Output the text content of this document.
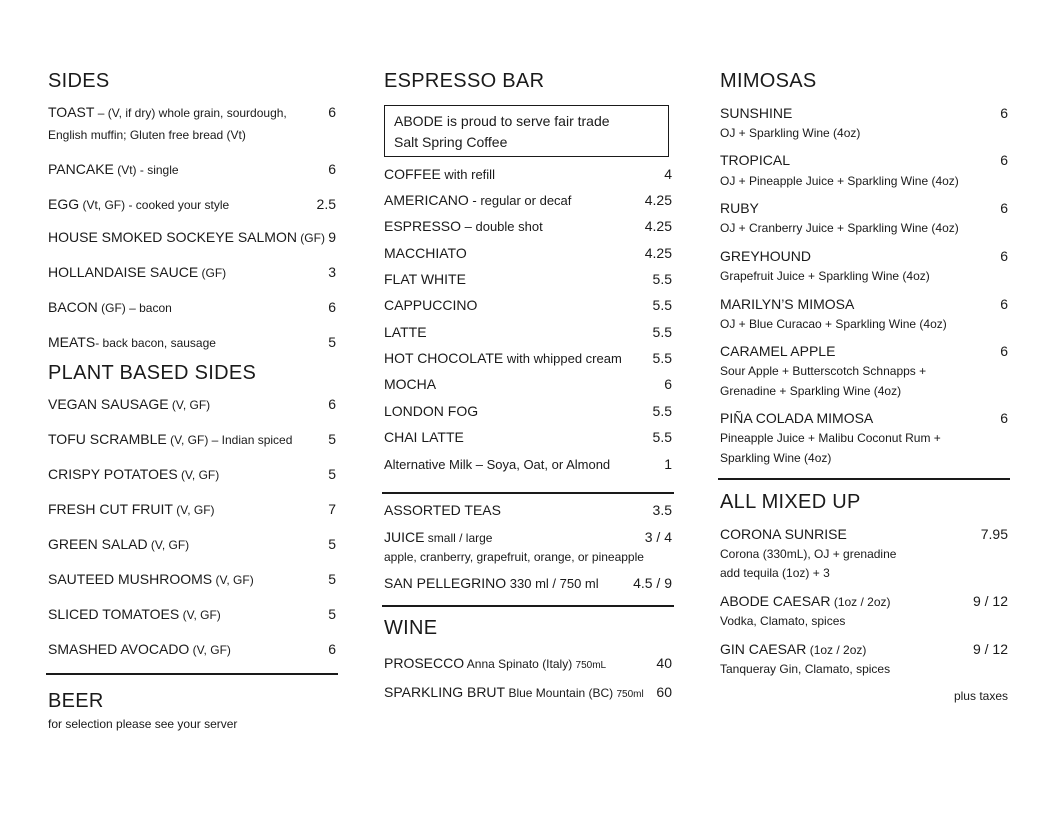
SIDES
TOAST – (V, if dry) whole grain, sourdough,	6
English muffin; Gluten free bread (Vt)
PANCAKE (Vt) - single	6
EGG (Vt, GF) - cooked your style	2.5
HOUSE SMOKED SOCKEYE SALMON (GF) 9
HOLLANDAISE SAUCE (GF)	3
BACON (GF) – bacon	6
MEATS- back bacon, sausage	5
PLANT BASED SIDES
VEGAN SAUSAGE (V, GF)	6
TOFU SCRAMBLE (V, GF) – Indian spiced	5
CRISPY POTATOES (V, GF)	5
FRESH CUT FRUIT (V, GF)	7
GREEN SALAD (V, GF)	5
SAUTEED MUSHROOMS (V, GF)	5
SLICED TOMATOES (V, GF)	5
SMASHED AVOCADO (V, GF)	6
BEER
for selection please see your server
ESPRESSO BAR
ABODE is proud to serve fair trade
Salt Spring Coffee
COFFEE with refill	4
AMERICANO - regular or decaf	4.25
ESPRESSO – double shot	4.25
MACCHIATO	4.25
FLAT WHITE	5.5
CAPPUCCINO	5.5
LATTE	5.5
HOT CHOCOLATE with whipped cream 5.5
MOCHA	6
LONDON FOG	5.5
CHAI LATTE	5.5
Alternative Milk – Soya, Oat, or Almond	1
ASSORTED TEAS	3.5
JUICE small / large	3 / 4
apple, cranberry, grapefruit, orange, or pineapple
SAN PELLEGRINO 330 ml / 750 ml 4.5 / 9
WINE
PROSECCO Anna Spinato (Italy) 750mL	40
SPARKLING BRUT Blue Mountain (BC) 750ml 60
MIMOSAS
SUNSHINE	6
OJ + Sparkling Wine (4oz)
TROPICAL	6
OJ + Pineapple Juice + Sparkling Wine (4oz)
RUBY	6
OJ + Cranberry Juice + Sparkling Wine (4oz)
GREYHOUND	6
Grapefruit Juice + Sparkling Wine (4oz)
MARILYN’S MIMOSA	6
OJ + Blue Curacao + Sparkling Wine (4oz)
CARAMEL APPLE	6
Sour Apple + Butterscotch Schnapps +
Grenadine + Sparkling Wine (4oz)
PIÑA COLADA MIMOSA	6
Pineapple Juice + Malibu Coconut Rum +
Sparkling Wine (4oz)
ALL MIXED UP
CORONA SUNRISE	7.95
Corona (330mL), OJ + grenadine
add tequila (1oz) + 3
ABODE CAESAR (1oz / 2oz)	9 / 12
Vodka, Clamato, spices
GIN CAESAR (1oz / 2oz)	9 / 12
Tanqueray Gin, Clamato, spices
plus taxes
